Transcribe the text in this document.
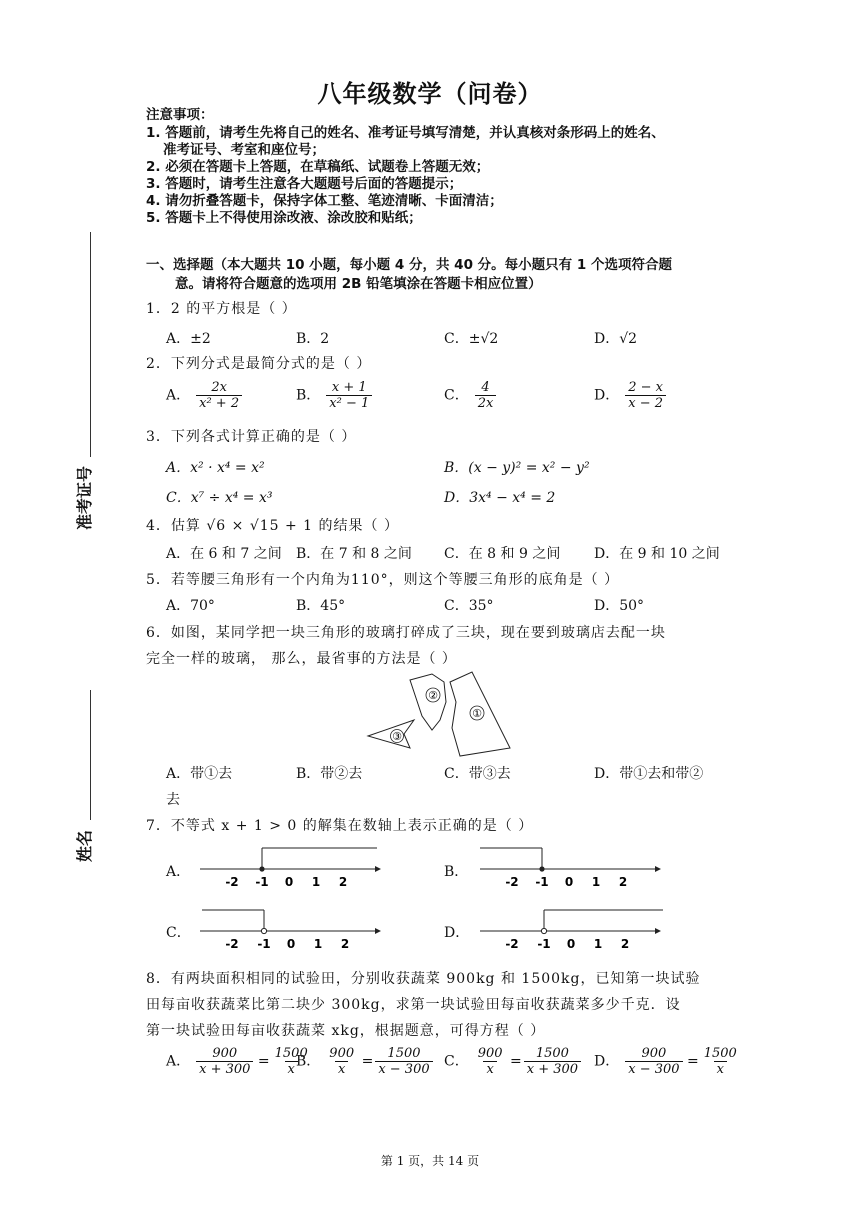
八年级数学（问卷）
注意事项：
1. 答题前，请考生先将自己的姓名、准考证号填写清楚，并认真核对条形码上的姓名、
准考证号、考室和座位号；
2. 必须在答题卡上答题，在草稿纸、试题卷上答题无效；
3. 答题时，请考生注意各大题题号后面的答题提示；
4. 请勿折叠答题卡，保持字体工整、笔迹清晰、卡面清洁；
5. 答题卡上不得使用涂改液、涂改胶和贴纸；
准考证号
姓名
一、选择题（本大题共 10 小题，每小题 4 分，共 40 分。每小题只有 1 个选项符合题
意。请将符合题意的选项用 2B 铅笔填涂在答题卡相应位置）
1．2 的平方根是（ ）
A．±2	B．2	C．±√2	D．√2
2．下列分式是最简分式的是（ ）
A． $\frac{2x}{\text{x² + 2}}$	B． $\frac{x + 1}{\text{x² − 1}}$	C． $\frac{4}{2x}$	D． $\frac{2 - x}{x - 2}$
3．下列各式计算正确的是（ ）
A．x² · x⁴ = x²	B．(x − y)² = x² − y²
C．x⁷ ÷ x⁴ = x³	D．3x⁴ − x⁴ = 2
4．估算 √6 × √15 + 1 的结果（ ）
A．在 6 和 7 之间 B．在 7 和 8 之间 C．在 8 和 9 之间 D．在 9 和 10 之间
5．若等腰三角形有一个内角为110°，则这个等腰三角形的底角是（ ）
A．70°	B．45°	C．35°	D．50°
6．如图，某同学把一块三角形的玻璃打碎成了三块，现在要到玻璃店去配一块
完全一样的玻璃， 那么，最省事的方法是（ ）
②
①
③
A．带①去	B．带②去	C．带③去	D．带①去和带②
去
7．不等式 x + 1 > 0 的解集在数轴上表示正确的是（ ）
A．
-2 -1 0 1 2
B．
-2 -1 0 1 2
C．
-2 -1 0 1 2
D．
-2 -1 0 1 2
8．有两块面积相同的试验田，分别收获蔬菜 900kg 和 1500kg，已知第一块试验
田每亩收获蔬菜比第二块少 300kg，求第一块试验田每亩收获蔬菜多少千克．设
第一块试验田每亩收获蔬菜 xkg，根据题意，可得方程（ ）
A． $\frac{900}{x + 300} = \frac{1500}{x}$
B． $\frac{900}{x} = \frac{1500}{x - 300}$ C． $\frac{900}{x} = \frac{1500}{x + 300}$ D． $\frac{900}{x - 300} = \frac{1500}{x}$
第 1 页，共 14 页
